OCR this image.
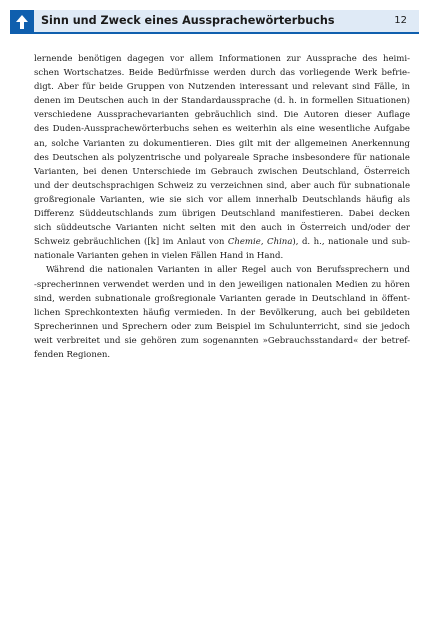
Sinn und Zweck eines Aussprachewörterbuchs	12

lernende benötigen dagegen vor allem Informationen zur Aussprache des heimi-
schen Wortschatzes. Beide Bedürfnisse werden durch das vorliegende Werk befrie-
digt. Aber für beide Gruppen von Nutzenden interessant und relevant sind Fälle, in
denen im Deutschen auch in der Standardaussprache (d. h. in formellen Situationen)
verschiedene Aussprachevarianten gebräuchlich sind. Die Autoren dieser Auflage
des Duden-Aussprachewörterbuchs sehen es weiterhin als eine wesentliche Aufgabe
an, solche Varianten zu dokumentieren. Dies gilt mit der allgemeinen Anerkennung
des Deutschen als polyzentrische und polyareale Sprache insbesondere für nationale
Varianten, bei denen Unterschiede im Gebrauch zwischen Deutschland, Österreich
und der deutschsprachigen Schweiz zu verzeichnen sind, aber auch für subnationale
großregionale Varianten, wie sie sich vor allem innerhalb Deutschlands häufig als
Differenz Süddeutschlands zum übrigen Deutschland manifestieren. Dabei decken
sich süddeutsche Varianten nicht selten mit den auch in Österreich und/oder der
Schweiz gebräuchlichen ([k] im Anlaut von Chemie, China), d. h., nationale und sub-
nationale Varianten gehen in vielen Fällen Hand in Hand.

Während die nationalen Varianten in aller Regel auch von Berufssprechern und
-sprecherinnen verwendet werden und in den jeweiligen nationalen Medien zu hören
sind, werden subnationale großregionale Varianten gerade in Deutschland in öffent-
lichen Sprechkontexten häufig vermieden. In der Bevölkerung, auch bei gebildeten
Sprecherinnen und Sprechern oder zum Beispiel im Schulunterricht, sind sie jedoch
weit verbreitet und sie gehören zum sogenannten »Gebrauchsstandard« der betref-
fenden Regionen.
